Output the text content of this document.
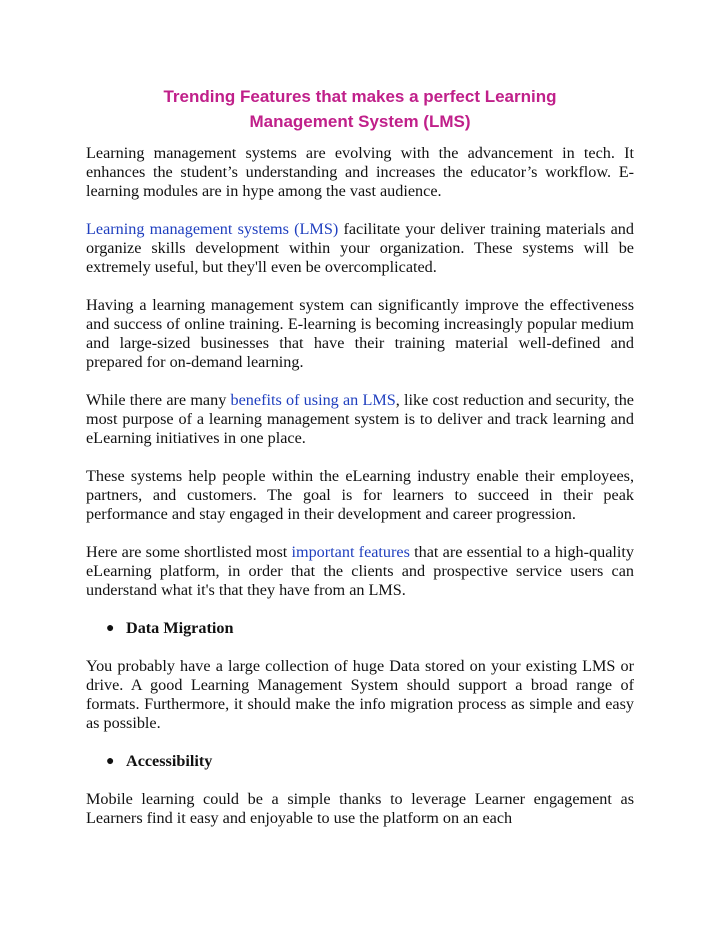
Trending Features that makes a perfect Learning
Management System (LMS)

Learning management systems are evolving with the advancement in tech. It enhances the student’s understanding and increases the educator’s workflow. E-learning modules are in hype among the vast audience.

Learning management systems (LMS) facilitate your deliver training materials and organize skills development within your organization. These systems will be extremely useful, but they'll even be overcomplicated.

Having a learning management system can significantly improve the effectiveness and success of online training. E-learning is becoming increasingly popular medium and large-sized businesses that have their training material well-defined and prepared for on-demand learning.

While there are many benefits of using an LMS, like cost reduction and security, the most purpose of a learning management system is to deliver and track learning and eLearning initiatives in one place.

These systems help people within the eLearning industry enable their employees, partners, and customers. The goal is for learners to succeed in their peak performance and stay engaged in their development and career progression.

Here are some shortlisted most important features that are essential to a high-quality eLearning platform, in order that the clients and prospective service users can understand what it's that they have from an LMS.

● Data Migration

You probably have a large collection of huge Data stored on your existing LMS or drive. A good Learning Management System should support a broad range of formats. Furthermore, it should make the info migration process as simple and easy as possible.

● Accessibility

Mobile learning could be a simple thanks to leverage Learner engagement as Learners find it easy and enjoyable to use the platform on an each
